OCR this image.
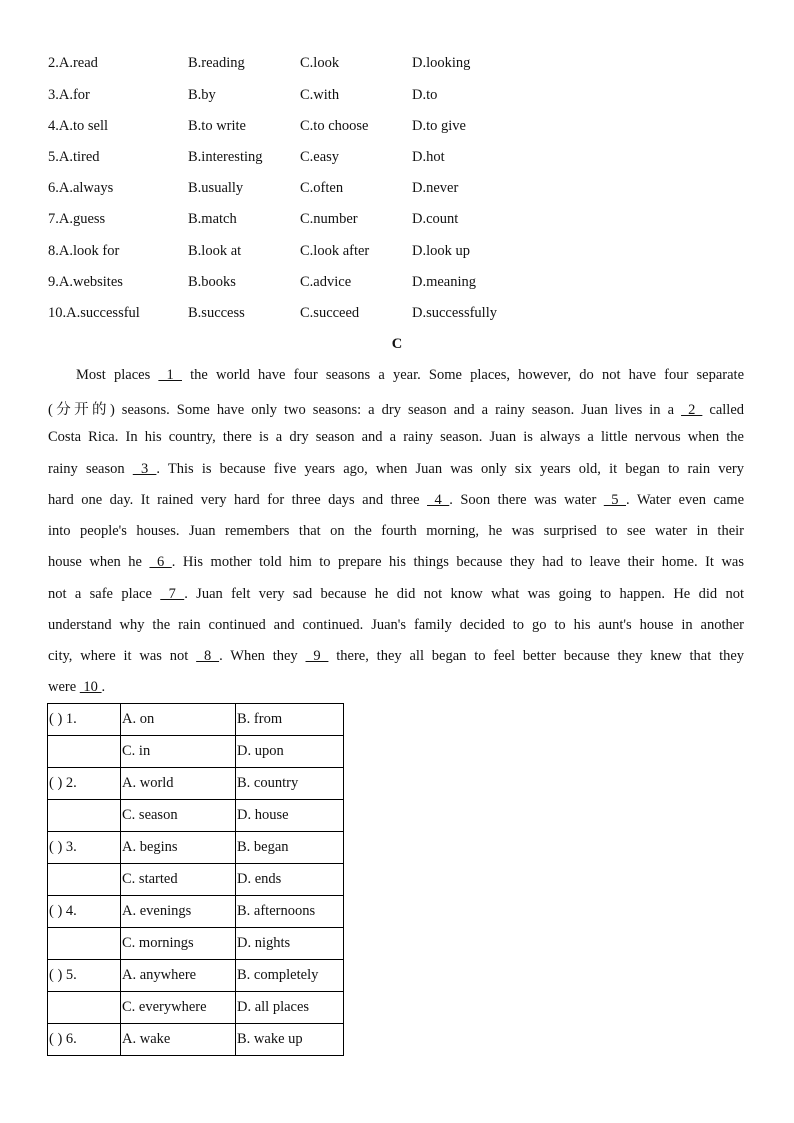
2.A.read	B.reading	C.look	D.looking
3.A.for	B.by	C.with	D.to
4.A.to sell	B.to write	C.to choose	D.to give
5.A.tired	B.interesting	C.easy	D.hot
6.A.always	B.usually	C.often	D.never
7.A.guess	B.match	C.number	D.count
8.A.look for	B.look at	C.look after	D.look up
9.A.websites	B.books	C.advice	D.meaning
10.A.successful	B.success	C.succeed	D.successfully
C
Most places  1  the world have four seasons a year. Some places, however, do not have four separate
(分开的) seasons. Some have only two seasons: a dry season and a rainy season. Juan lives in a  2  called
Costa Rica. In his country, there is a dry season and a rainy season. Juan is always a little nervous when the
rainy season  3 . This is because five years ago, when Juan was only six years old, it began to rain very
hard one day. It rained very hard for three days and three  4 . Soon there was water  5 . Water even came
into people's houses. Juan remembers that on the fourth morning, he was surprised to see water in their
house when he  6 . His mother told him to prepare his things because they had to leave their home. It was
not a safe place  7 . Juan felt very sad because he did not know what was going to happen. He did not
understand why the rain continued and continued. Juan's family decided to go to his aunt's house in another
city, where it was not  8 . When they  9  there, they all began to feel better because they knew that they
were  10 .
( ) 1.	A. on	B. from
	C. in	D. upon
( ) 2.	A. world	B. country
	C. season	D. house
( ) 3.	A. begins	B. began
	C. started	D. ends
( ) 4.	A. evenings	B. afternoons
	C. mornings	D. nights
( ) 5.	A. anywhere	B. completely
	C. everywhere	D. all places
( ) 6.	A. wake	B. wake up
